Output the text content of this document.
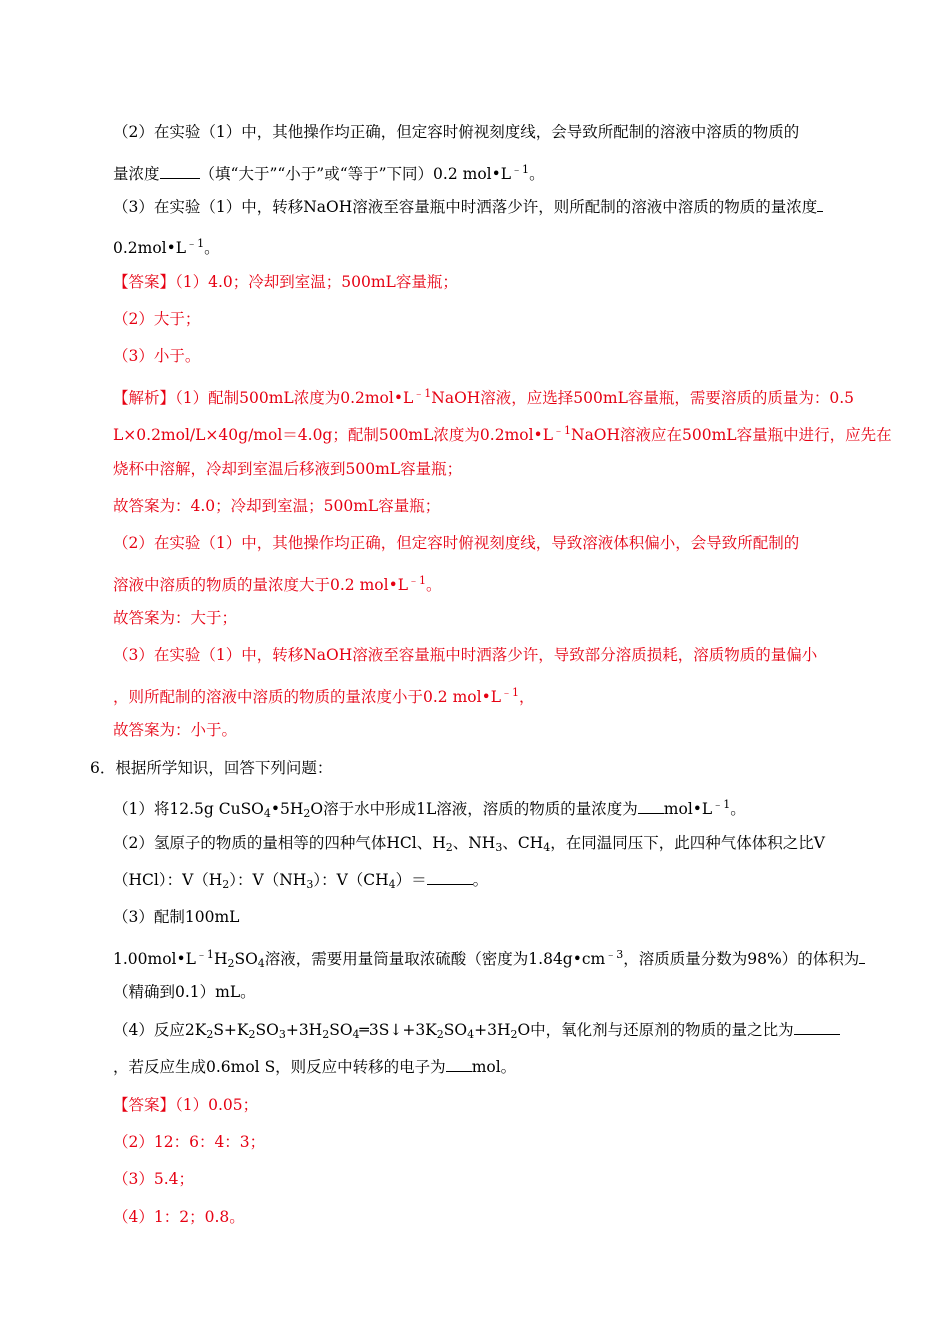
（2）在实验（1）中，其他操作均正确，但定容时俯视刻度线，会导致所配制的溶液中溶质的物质的
量浓度	（填“大于”“小于”或“等于”下同）0.2 $mol•L^{﹣1}$。
（3）在实验（1）中，转移NaOH溶液至容量瓶中时洒落少许，则所配制的溶液中溶质的物质的量浓度
$0.2mol•L^{﹣1}$。
【答案】（1）4.0；冷却到室温；500mL容量瓶；
（2）大于；
（3）小于。
【解析】（1）配制500mL浓度为$0.2mol•L^{﹣1}NaOH$溶液，应选择500mL容量瓶，需要溶质的质量为：0.5
L×0.2mol/L×40g/mol＝4.0g；配制500mL浓度为$0.2mol•L^{﹣1}NaOH$溶液应在500mL容量瓶中进行，应先在
烧杯中溶解，冷却到室温后移液到500mL容量瓶；
故答案为：4.0；冷却到室温；500mL容量瓶；
（2）在实验（1）中，其他操作均正确，但定容时俯视刻度线，导致溶液体积偏小，会导致所配制的
溶液中溶质的物质的量浓度大于0.2 $mol•L^{﹣1}$。
故答案为：大于；
（3）在实验（1）中，转移NaOH溶液至容量瓶中时洒落少许，导致部分溶质损耗，溶质物质的量偏小
，则所配制的溶液中溶质的物质的量浓度小于0.2 $mol•L^{﹣1}$，
故答案为：小于。
6．根据所学知识，回答下列问题：
（1）将12.5g $CuSO_4•5H_2O$溶于水中形成1L溶液，溶质的物质的量浓度为 $mol•L^{﹣1}$。
（2）氢原子的物质的量相等的四种气体HCl、$H_2$、$NH_3$、$CH_4$，在同温同压下，此四种气体体积之比V
（HCl）：$V(H_2)$：$V(NH_3)$：$V(CH_4)=$	。
（3）配制100mL
$1.00mol•L^{﹣1}H_2SO_4$溶液，需要用量筒量取浓硫酸（密度为$1.84g•cm^{﹣3}$，溶质质量分数为98%）的体积为
（精确到0.1）mL。
（4）反应$2K_2S+K_2SO_3+3H_2SO_4═3S↓+3K_2SO_4+3H_2O$中，氧化剂与还原剂的物质的量之比为
，若反应生成0.6mol S，则反应中转移的电子为 mol。
【答案】（1）0.05；
（2）12：6：4：3；
（3）5.4；
（4）1：2；0.8。
